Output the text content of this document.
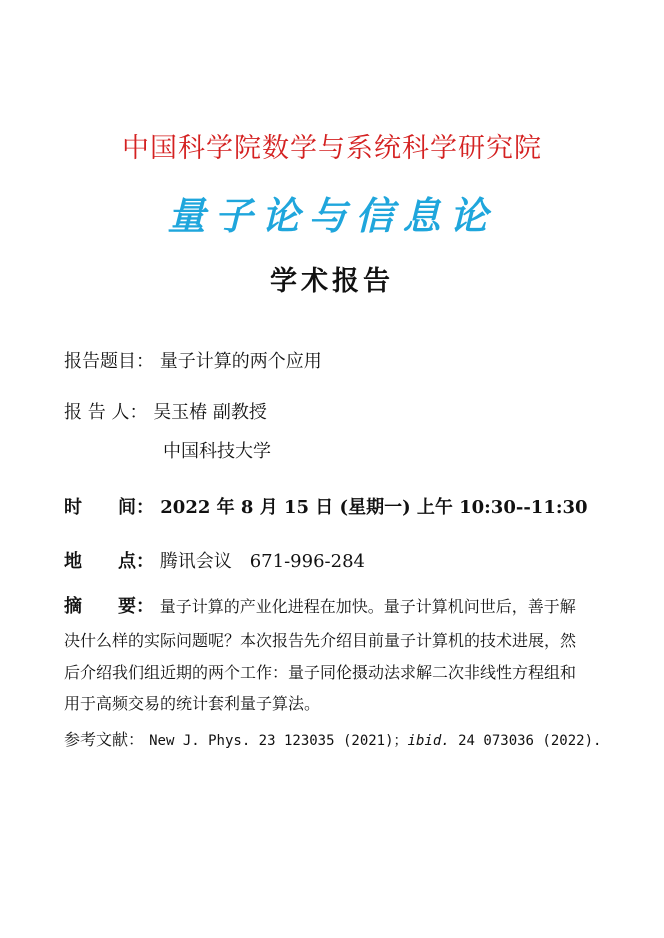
中国科学院数学与系统科学研究院
量子论与信息论
学术报告
报告题目： 量子计算的两个应用
报 告 人： 吴玉椿 副教授
中国科技大学
时　　间： 2022 年 8 月 15 日 (星期一) 上午 10:30--11:30
地　　点： 腾讯会议　671-996-284
摘　　要： 量子计算的产业化进程在加快。量子计算机问世后，善于解
决什么样的实际问题呢？本次报告先介绍目前量子计算机的技术进展，然
后介绍我们组近期的两个工作：量子同伦摄动法求解二次非线性方程组和
用于高频交易的统计套利量子算法。
参考文献： New J. Phys. 23 123035 (2021)；ibid. 24 073036 (2022).
